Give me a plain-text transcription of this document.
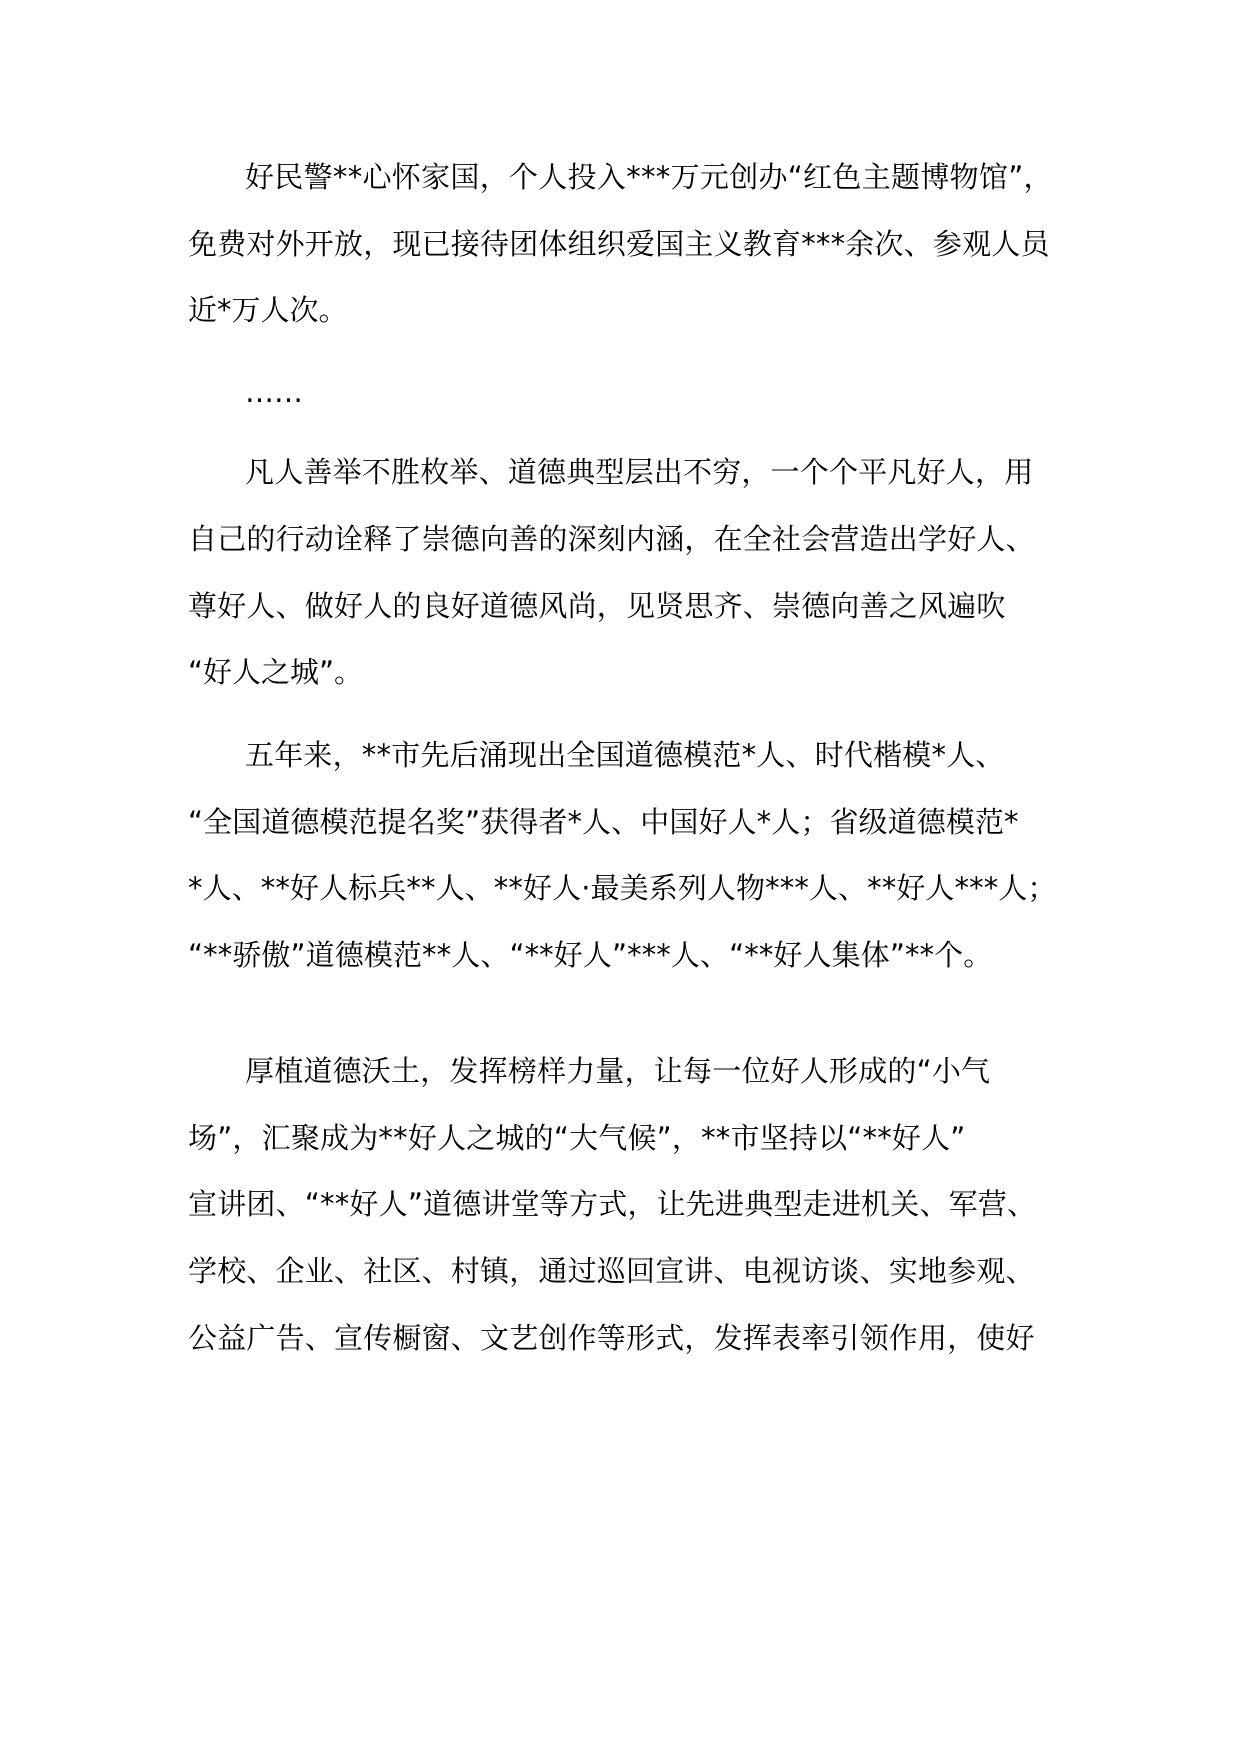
好民警**心怀家国，个人投入***万元创办“红色主题博物馆”，
免费对外开放，现已接待团体组织爱国主义教育***余次、参观人员
近*万人次。
……
凡人善举不胜枚举、道德典型层出不穷，一个个平凡好人，用
自己的行动诠释了崇德向善的深刻内涵，在全社会营造出学好人、
尊好人、做好人的良好道德风尚，见贤思齐、崇德向善之风遍吹
“好人之城”。
五年来，**市先后涌现出全国道德模范*人、时代楷模*人、
“全国道德模范提名奖”获得者*人、中国好人*人；省级道德模范*
*人、**好人标兵**人、**好人·最美系列人物***人、**好人***人；
“**骄傲”道德模范**人、“**好人”***人、“**好人集体”**个。
厚植道德沃土，发挥榜样力量，让每一位好人形成的“小气
场”，汇聚成为**好人之城的“大气候”，**市坚持以“**好人”
宣讲团、“**好人”道德讲堂等方式，让先进典型走进机关、军营、
学校、企业、社区、村镇，通过巡回宣讲、电视访谈、实地参观、
公益广告、宣传橱窗、文艺创作等形式，发挥表率引领作用，使好
